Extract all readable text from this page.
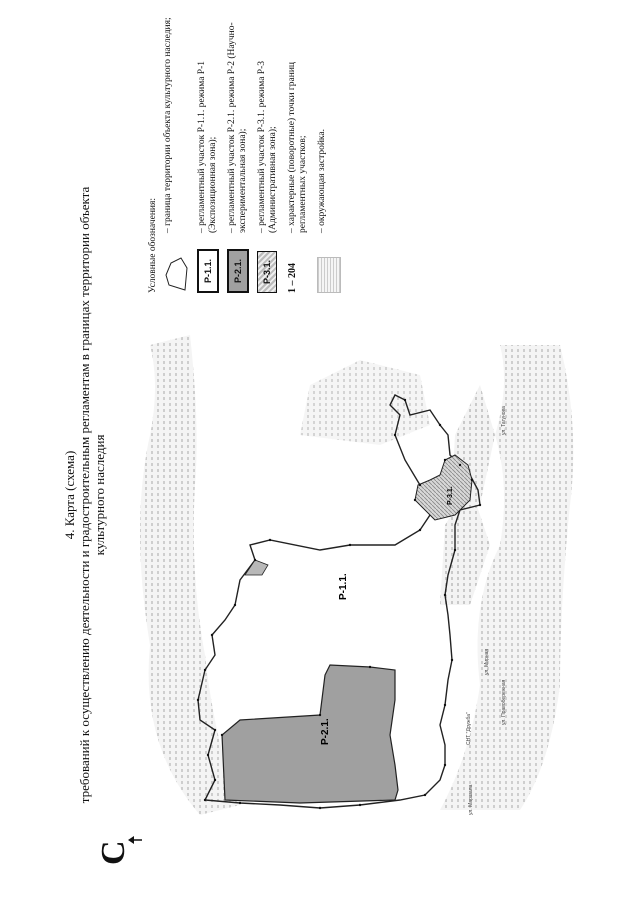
4. Карта (схема) требований к осуществлению деятельности и градостроительным регламентам в границах территории объекта культурного наследия
С
Р-1.1.
Р-2.1.
Р-3.1.
ул. Тагунова
ул. Мирная
ул. Маршала
ул. Правобережная
СНТ "Дружба"
Условные обозначения:
– граница территории объекта культурного наследия;
Р-1.1.
– регламентный участок Р-1.1. режима Р-1 (Экспозиционная зона);
Р-2.1.
– регламентный участок Р-2.1. режима Р-2 (Научно-экспериментальная зона);
Р-3.1.
– регламентный участок Р-3.1. режима Р-3 (Административная зона);
1 – 204
– характерные (поворотные) точки границ регламентных участков; – окружающая застройка.
